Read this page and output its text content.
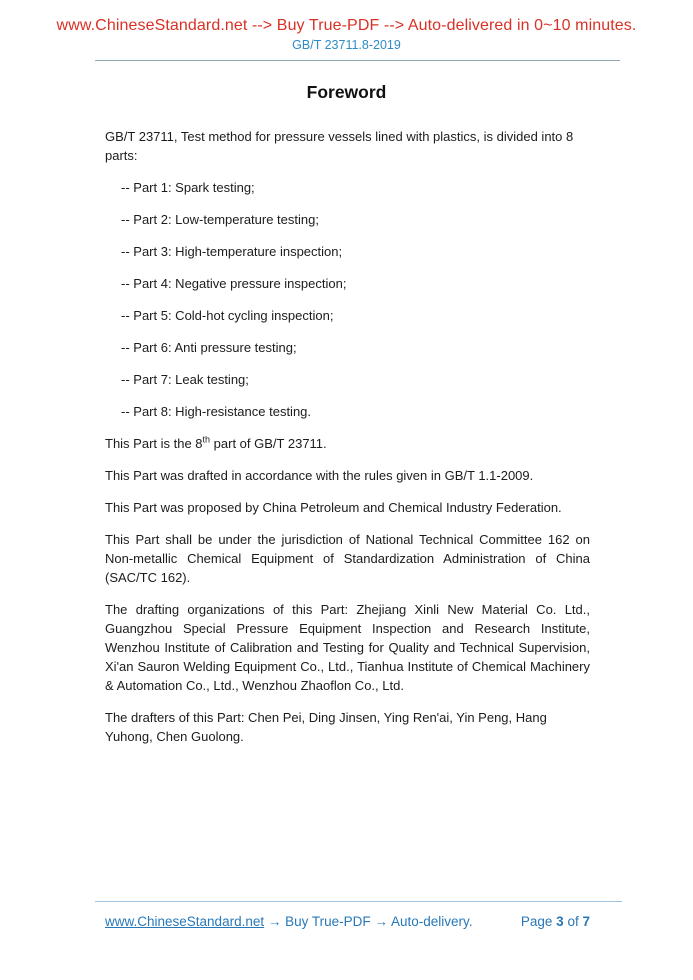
www.ChineseStandard.net --> Buy True-PDF --> Auto-delivered in 0~10 minutes.
GB/T 23711.8-2019
Foreword
GB/T 23711, Test method for pressure vessels lined with plastics, is divided into 8 parts:
-- Part 1: Spark testing;
-- Part 2: Low-temperature testing;
-- Part 3: High-temperature inspection;
-- Part 4: Negative pressure inspection;
-- Part 5: Cold-hot cycling inspection;
-- Part 6: Anti pressure testing;
-- Part 7: Leak testing;
-- Part 8: High-resistance testing.
This Part is the 8th part of GB/T 23711.
This Part was drafted in accordance with the rules given in GB/T 1.1-2009.
This Part was proposed by China Petroleum and Chemical Industry Federation.
This Part shall be under the jurisdiction of National Technical Committee 162 on Non-metallic Chemical Equipment of Standardization Administration of China (SAC/TC 162).
The drafting organizations of this Part: Zhejiang Xinli New Material Co. Ltd., Guangzhou Special Pressure Equipment Inspection and Research Institute, Wenzhou Institute of Calibration and Testing for Quality and Technical Supervision, Xi'an Sauron Welding Equipment Co., Ltd., Tianhua Institute of Chemical Machinery & Automation Co., Ltd., Wenzhou Zhaoflon Co., Ltd.
The drafters of this Part: Chen Pei, Ding Jinsen, Ying Ren'ai, Yin Peng, Hang Yuhong, Chen Guolong.
www.ChineseStandard.net → Buy True-PDF → Auto-delivery.	Page 3 of 7
